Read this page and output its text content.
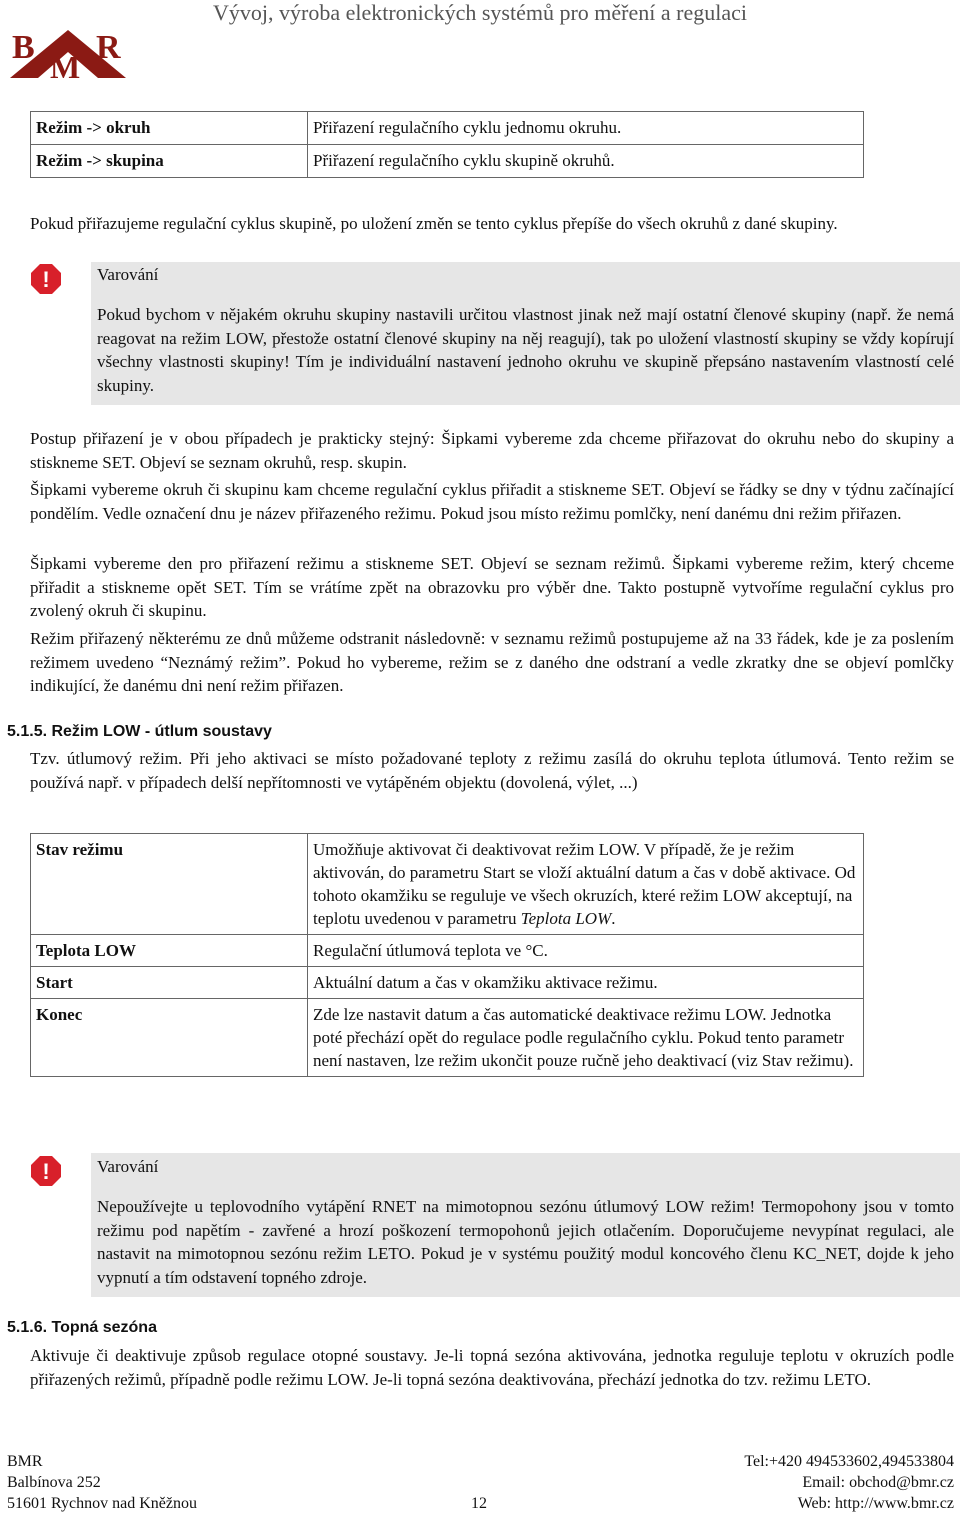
Vývoj, výroba elektronických systémů pro měření a regulaci
B R
M
Režim -> okruh	Přiřazení regulačního cyklu jednomu okruhu.
Režim -> skupina	Přiřazení regulačního cyklu skupině okruhů.

Pokud přiřazujeme regulační cyklus skupině, po uložení změn se tento cyklus přepíše do všech okruhů z dané skupiny.

!	Varování

Pokud bychom v nějakém okruhu skupiny nastavili určitou vlastnost jinak než mají ostatní členové skupiny (např. že nemá reagovat na režim LOW, přestože ostatní členové skupiny na něj reagují), tak po uložení vlastností skupiny se vždy kopírují všechny vlastnosti skupiny! Tím je individuální nastavení jednoho okruhu ve skupině přepsáno nastavením vlastností celé skupiny.

Postup přiřazení je v obou případech je prakticky stejný: Šipkami vybereme zda chceme přiřazovat do okruhu nebo do skupiny a stiskneme SET. Objeví se seznam okruhů, resp. skupin.

Šipkami vybereme okruh či skupinu kam chceme regulační cyklus přiřadit a stiskneme SET. Objeví se řádky se dny v týdnu začínající pondělím. Vedle označení dnu je název přiřazeného režimu. Pokud jsou místo režimu pomlčky, není danému dni režim přiřazen.

Šipkami vybereme den pro přiřazení režimu a stiskneme SET. Objeví se seznam režimů. Šipkami vybereme režim, který chceme přiřadit a stiskneme opět SET. Tím se vrátíme zpět na obrazovku pro výběr dne. Takto postupně vytvoříme regulační cyklus pro zvolený okruh či skupinu.

Režim přiřazený některému ze dnů můžeme odstranit následovně: v seznamu režimů postupujeme až na 33 řádek, kde je za poslením režimem uvedeno “Neznámý režim”. Pokud ho vybereme, režim se z daného dne odstraní a vedle zkratky dne se objeví pomlčky indikující, že danému dni není režim přiřazen.

5.1.5. Režim LOW - útlum soustavy

Tzv. útlumový režim. Při jeho aktivaci se místo požadované teploty z režimu zasílá do okruhu teplota útlumová. Tento režim se používá např. v případech delší nepřítomnosti ve vytápěném objektu (dovolená, výlet, ...)

Stav režimu	Umožňuje aktivovat či deaktivovat režim LOW. V případě, že je režim aktivován, do parametru Start se vloží aktuální datum a čas v době aktivace. Od tohoto okamžiku se reguluje ve všech okruzích, které režim LOW akceptují, na teplotu uvedenou v parametru Teplota LOW.
Teplota LOW	Regulační útlumová teplota ve °C.
Start	Aktuální datum a čas v okamžiku aktivace režimu.
Konec	Zde lze nastavit datum a čas automatické deaktivace režimu LOW. Jednotka poté přechází opět do regulace podle regulačního cyklu. Pokud tento parametr není nastaven, lze režim ukončit pouze ručně jeho deaktivací (viz Stav režimu).
!	Varování

Nepoužívejte u teplovodního vytápění RNET na mimotopnou sezónu útlumový LOW režim! Termopohony jsou v tomto režimu pod napětím - zavřené a hrozí poškození termopohonů jejich otlačením. Doporučujeme nevypínat regulaci, ale nastavit na mimotopnou sezónu režim LETO. Pokud je v systému použitý modul koncového členu KC_NET, dojde k jeho vypnutí a tím odstavení topného zdroje.

5.1.6. Topná sezóna

Aktivuje či deaktivuje způsob regulace otopné soustavy. Je-li topná sezóna aktivována, jednotka reguluje teplotu v okruzích podle přiřazených režimů, případně podle režimu LOW. Je-li topná sezóna deaktivována, přechází jednotka do tzv. režimu LETO.

BMR
Balbínova 252
51601 Rychnov nad Kněžnou	12
Tel:+420 494533602,494533804
Email: obchod@bmr.cz
Web: http://www.bmr.cz
